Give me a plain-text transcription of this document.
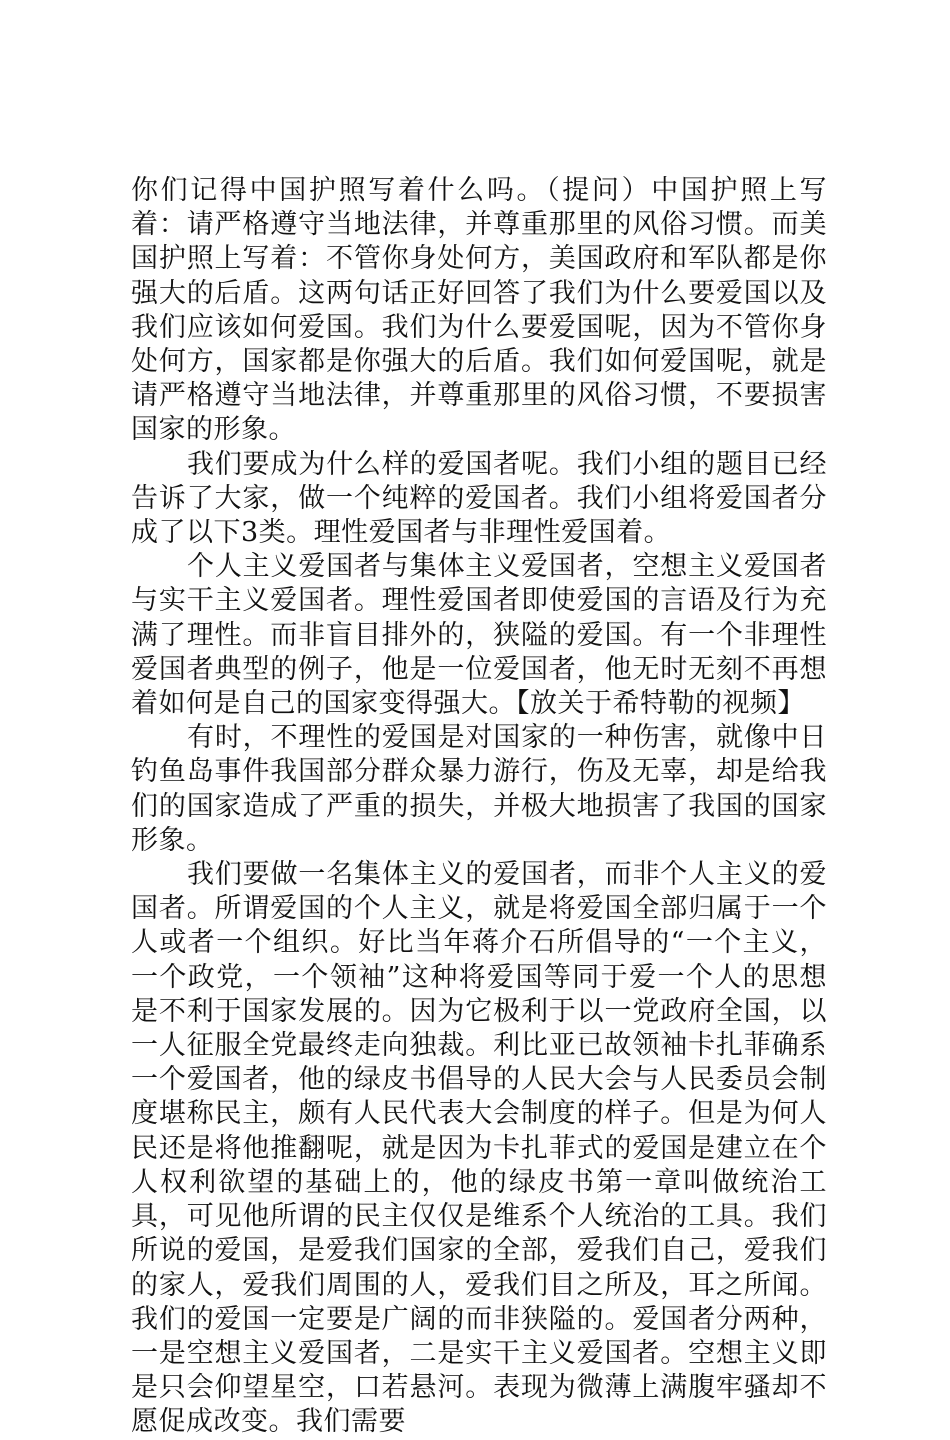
你们记得中国护照写着什么吗。（提问）中国护照上写着：请严格遵守当地法律，并尊重那里的风俗习惯。而美国护照上写着：不管你身处何方，美国政府和军队都是你强大的后盾。这两句话正好回答了我们为什么要爱国以及我们应该如何爱国。我们为什么要爱国呢，因为不管你身处何方，国家都是你强大的后盾。我们如何爱国呢，就是请严格遵守当地法律，并尊重那里的风俗习惯，不要损害国家的形象。

我们要成为什么样的爱国者呢。我们小组的题目已经告诉了大家，做一个纯粹的爱国者。我们小组将爱国者分成了以下3类。理性爱国者与非理性爱国着。

个人主义爱国者与集体主义爱国者，空想主义爱国者与实干主义爱国者。理性爱国者即使爱国的言语及行为充满了理性。而非盲目排外的，狭隘的爱国。有一个非理性爱国者典型的例子，他是一位爱国者，他无时无刻不再想着如何是自己的国家变得强大。【放关于希特勒的视频】

有时，不理性的爱国是对国家的一种伤害，就像中日钓鱼岛事件我国部分群众暴力游行，伤及无辜，却是给我们的国家造成了严重的损失，并极大地损害了我国的国家形象。

我们要做一名集体主义的爱国者，而非个人主义的爱国者。所谓爱国的个人主义，就是将爱国全部归属于一个人或者一个组织。好比当年蒋介石所倡导的“一个主义，一个政党，一个领袖”这种将爱国等同于爱一个人的思想是不利于国家发展的。因为它极利于以一党政府全国，以一人征服全党最终走向独裁。利比亚已故领袖卡扎菲确系一个爱国者，他的绿皮书倡导的人民大会与人民委员会制度堪称民主，颇有人民代表大会制度的样子。但是为何人民还是将他推翻呢，就是因为卡扎菲式的爱国是建立在个人权利欲望的基础上的，他的绿皮书第一章叫做统治工具，可见他所谓的民主仅仅是维系个人统治的工具。我们所说的爱国，是爱我们国家的全部，爱我们自己，爱我们的家人，爱我们周围的人，爱我们目之所及，耳之所闻。我们的爱国一定要是广阔的而非狭隘的。爱国者分两种，一是空想主义爱国者，二是实干主义爱国者。空想主义即是只会仰望星空，口若悬河。表现为微薄上满腹牢骚却不愿促成改变。我们需要
